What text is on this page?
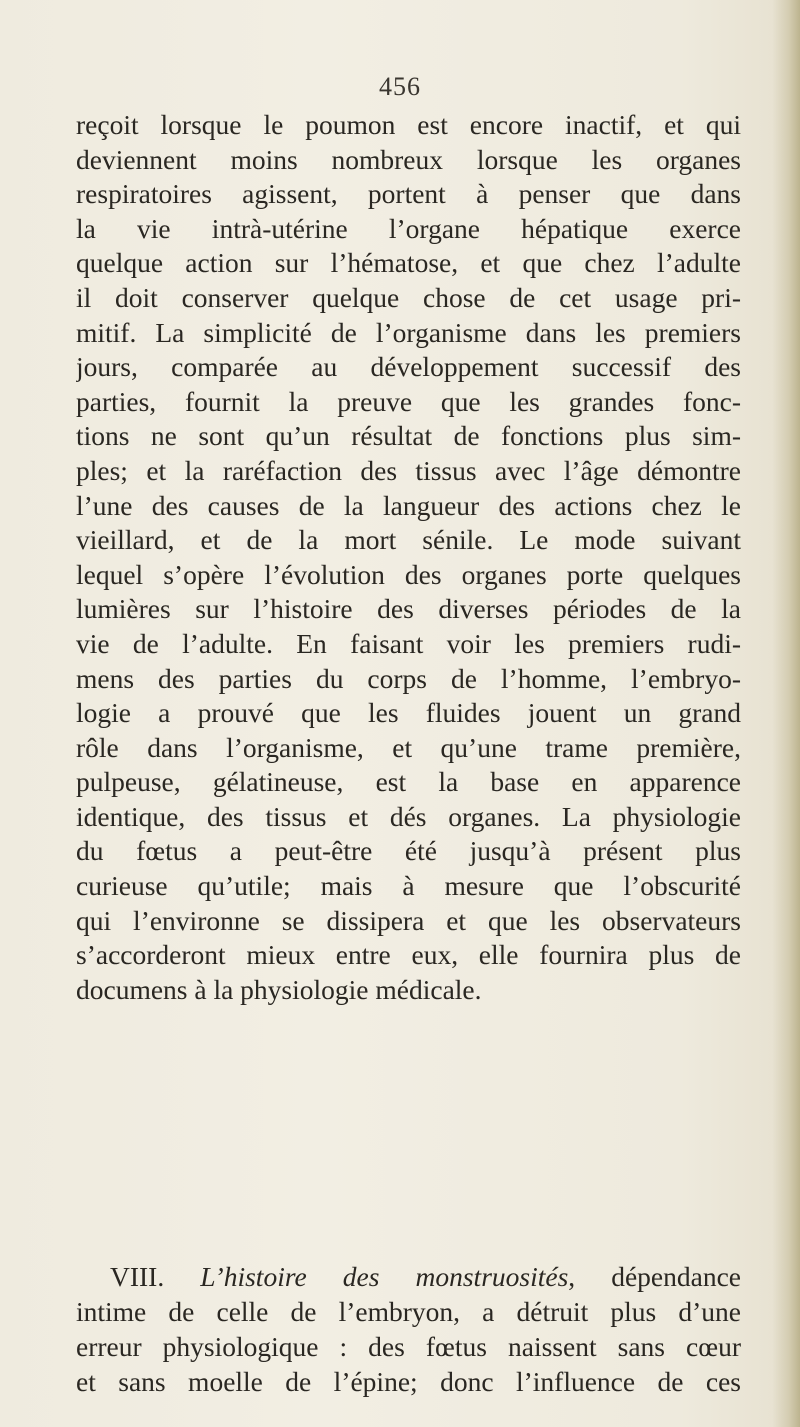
456
reçoit lorsque le poumon est encore inactif, et qui
deviennent moins nombreux lorsque les organes
respiratoires agissent, portent à penser que dans
la vie intrà-utérine l’organe hépatique exerce
quelque action sur l’hématose, et que chez l’adulte
il doit conserver quelque chose de cet usage pri-
mitif. La simplicité de l’organisme dans les premiers
jours, comparée au développement successif des
parties, fournit la preuve que les grandes fonc-
tions ne sont qu’un résultat de fonctions plus sim-
ples; et la raréfaction des tissus avec l’âge démontre
l’une des causes de la langueur des actions chez le
vieillard, et de la mort sénile. Le mode suivant
lequel s’opère l’évolution des organes porte quelques
lumières sur l’histoire des diverses périodes de la
vie de l’adulte. En faisant voir les premiers rudi-
mens des parties du corps de l’homme, l’embryo-
logie a prouvé que les fluides jouent un grand
rôle dans l’organisme, et qu’une trame première,
pulpeuse, gélatineuse, est la base en apparence
identique, des tissus et dés organes. La physiologie
du fœtus a peut-être été jusqu’à présent plus
curieuse qu’utile; mais à mesure que l’obscurité
qui l’environne se dissipera et que les observateurs
s’accorderont mieux entre eux, elle fournira plus de
documens à la physiologie médicale.
VIII. L’histoire des monstruosités, dépendance
intime de celle de l’embryon, a détruit plus d’une
erreur physiologique : des fœtus naissent sans cœur
et sans moelle de l’épine; donc l’influence de ces
